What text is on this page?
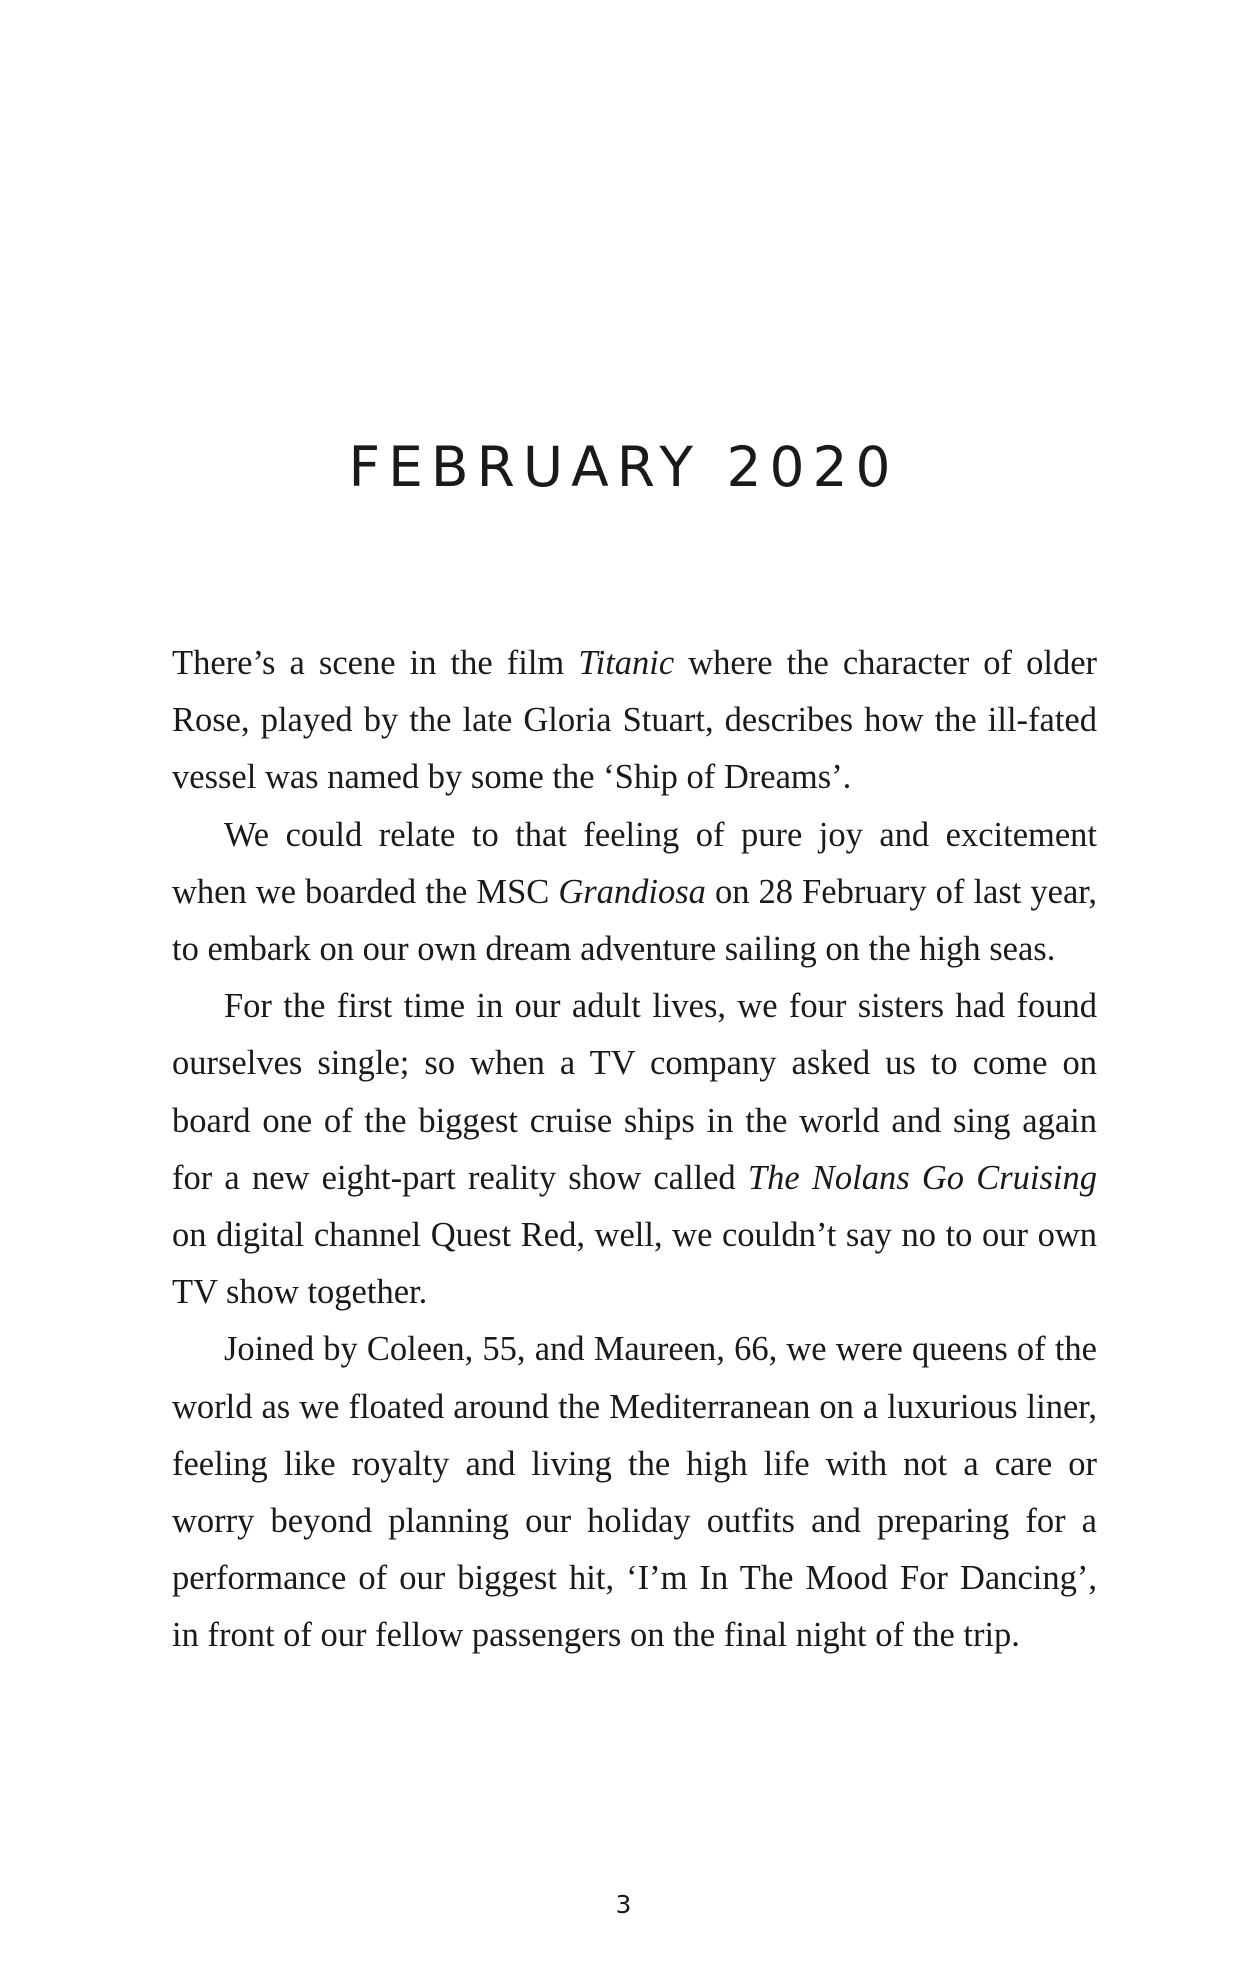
FEBRUARY 2020

There’s a scene in the film Titanic where the character of older Rose, played by the late Gloria Stuart, describes how the ill-fated vessel was named by some the ‘Ship of Dreams’.

We could relate to that feeling of pure joy and excitement when we boarded the MSC Grandiosa on 28 February of last year, to embark on our own dream adventure sailing on the high seas.

For the first time in our adult lives, we four sisters had found ourselves single; so when a TV company asked us to come on board one of the biggest cruise ships in the world and sing again for a new eight-part reality show called The Nolans Go Cruising on digital channel Quest Red, well, we couldn’t say no to our own TV show together.

Joined by Coleen, 55, and Maureen, 66, we were queens of the world as we floated around the Mediterranean on a luxurious liner, feeling like royalty and living the high life with not a care or worry beyond planning our holiday outfits and preparing for a performance of our biggest hit, ‘I’m In The Mood For Dancing’, in front of our fellow passengers on the final night of the trip.

3
